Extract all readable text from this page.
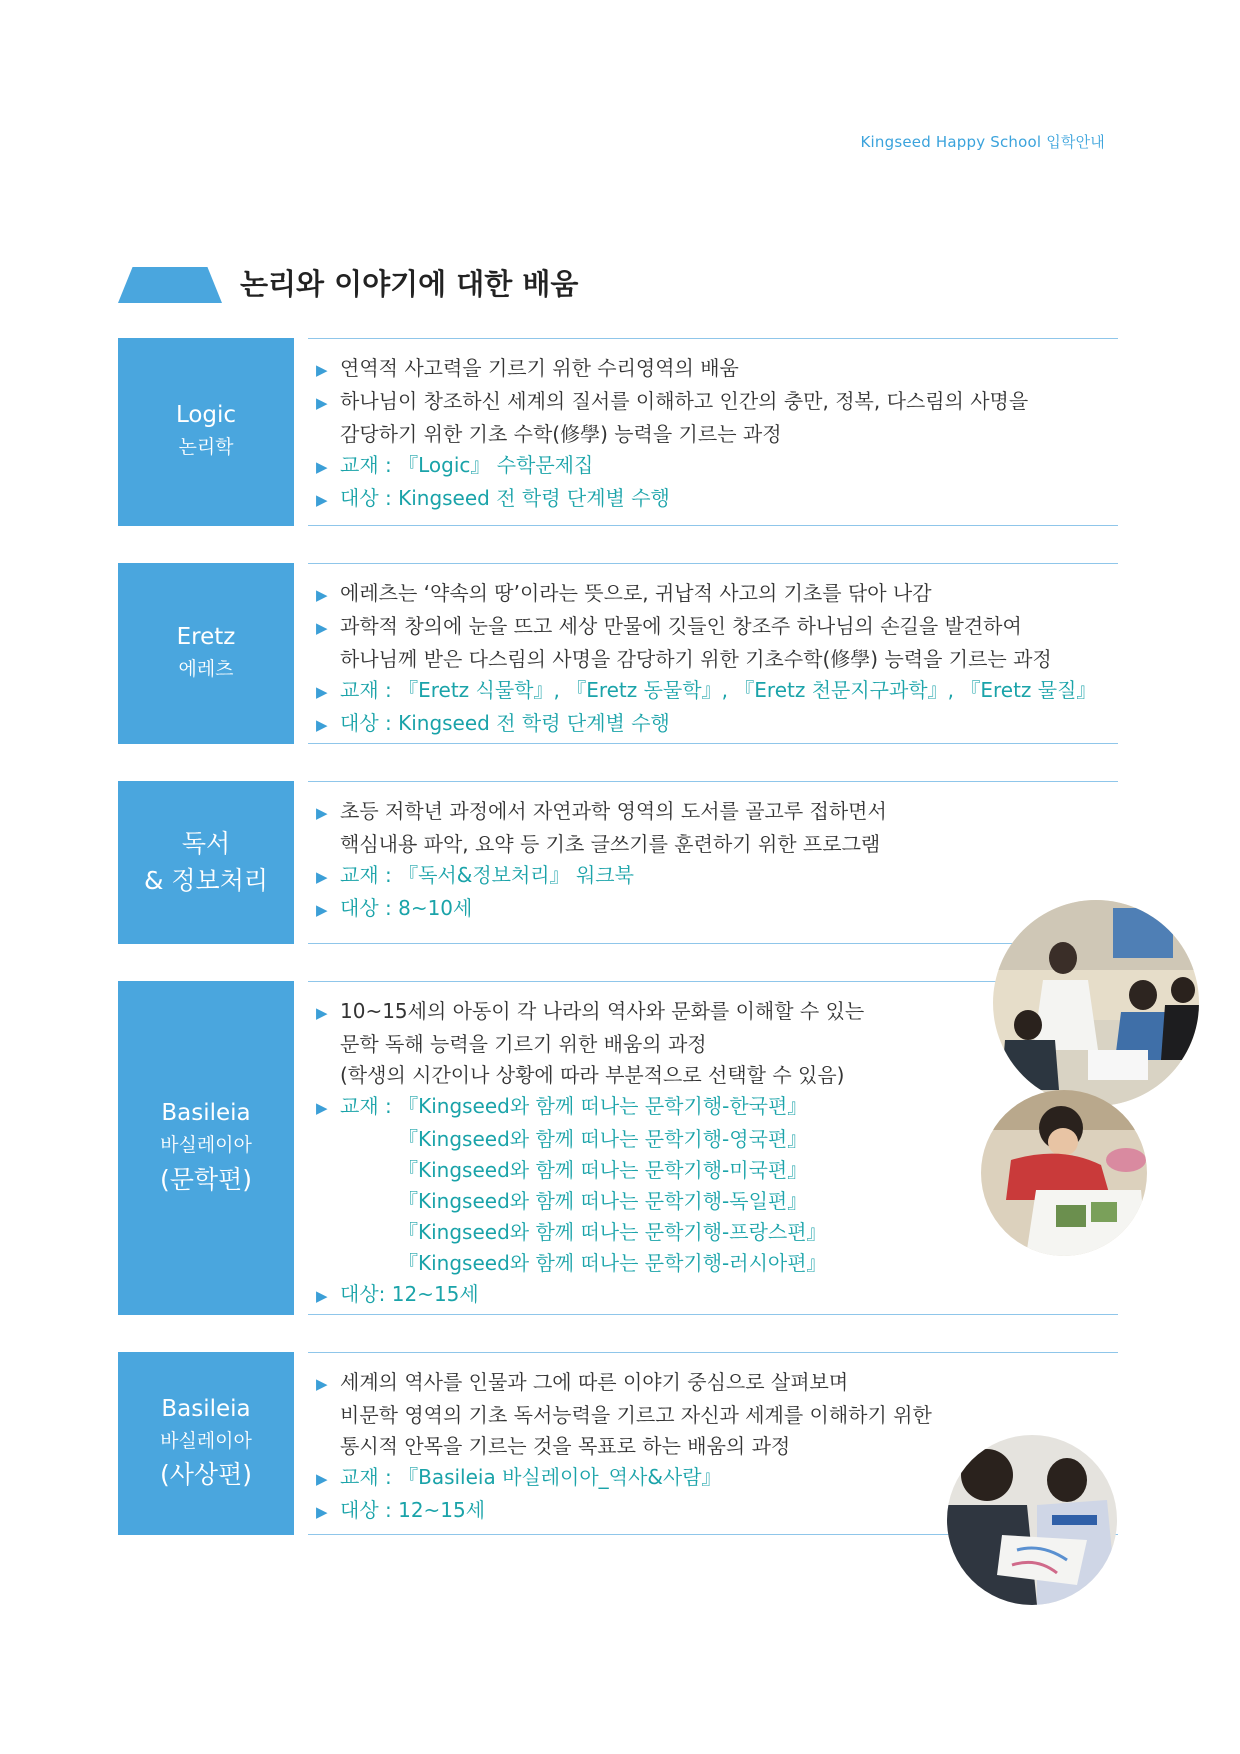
Kingseed Happy School 입학안내
논리와 이야기에 대한 배움
Logic
논리학
▶ 연역적 사고력을 기르기 위한 수리영역의 배움
▶ 하나님이 창조하신 세계의 질서를 이해하고 인간의 충만, 정복, 다스림의 사명을
감당하기 위한 기초 수학(修學) 능력을 기르는 과정
▶ 교재 : 『Logic』 수학문제집
▶ 대상 : Kingseed 전 학령 단계별 수행
Eretz
에레츠
▶ 에레츠는 ‘약속의 땅’이라는 뜻으로, 귀납적 사고의 기초를 닦아 나감
▶ 과학적 창의에 눈을 뜨고 세상 만물에 깃들인 창조주 하나님의 손길을 발견하여
하나님께 받은 다스림의 사명을 감당하기 위한 기초수학(修學) 능력을 기르는 과정
▶ 교재 : 『Eretz 식물학』, 『Eretz 동물학』, 『Eretz 천문지구과학』, 『Eretz 물질』
▶ 대상 : Kingseed 전 학령 단계별 수행
독서
& 정보처리
▶ 초등 저학년 과정에서 자연과학 영역의 도서를 골고루 접하면서
핵심내용 파악, 요약 등 기초 글쓰기를 훈련하기 위한 프로그램
▶ 교재 : 『독서&정보처리』 워크북
▶ 대상 : 8~10세
Basileia
바실레이아
(문학편)
▶ 10~15세의 아동이 각 나라의 역사와 문화를 이해할 수 있는
문학 독해 능력을 기르기 위한 배움의 과정
(학생의 시간이나 상황에 따라 부분적으로 선택할 수 있음)
▶ 교재 : 『Kingseed와 함께 떠나는 문학기행-한국편』
『Kingseed와 함께 떠나는 문학기행-영국편』
『Kingseed와 함께 떠나는 문학기행-미국편』
『Kingseed와 함께 떠나는 문학기행-독일편』
『Kingseed와 함께 떠나는 문학기행-프랑스편』
『Kingseed와 함께 떠나는 문학기행-러시아편』
▶ 대상: 12~15세
Basileia
바실레이아
(사상편)
▶ 세계의 역사를 인물과 그에 따른 이야기 중심으로 살펴보며
비문학 영역의 기초 독서능력을 기르고 자신과 세계를 이해하기 위한
통시적 안목을 기르는 것을 목표로 하는 배움의 과정
▶ 교재 : 『Basileia 바실레이아_역사&사람』
▶ 대상 : 12~15세
